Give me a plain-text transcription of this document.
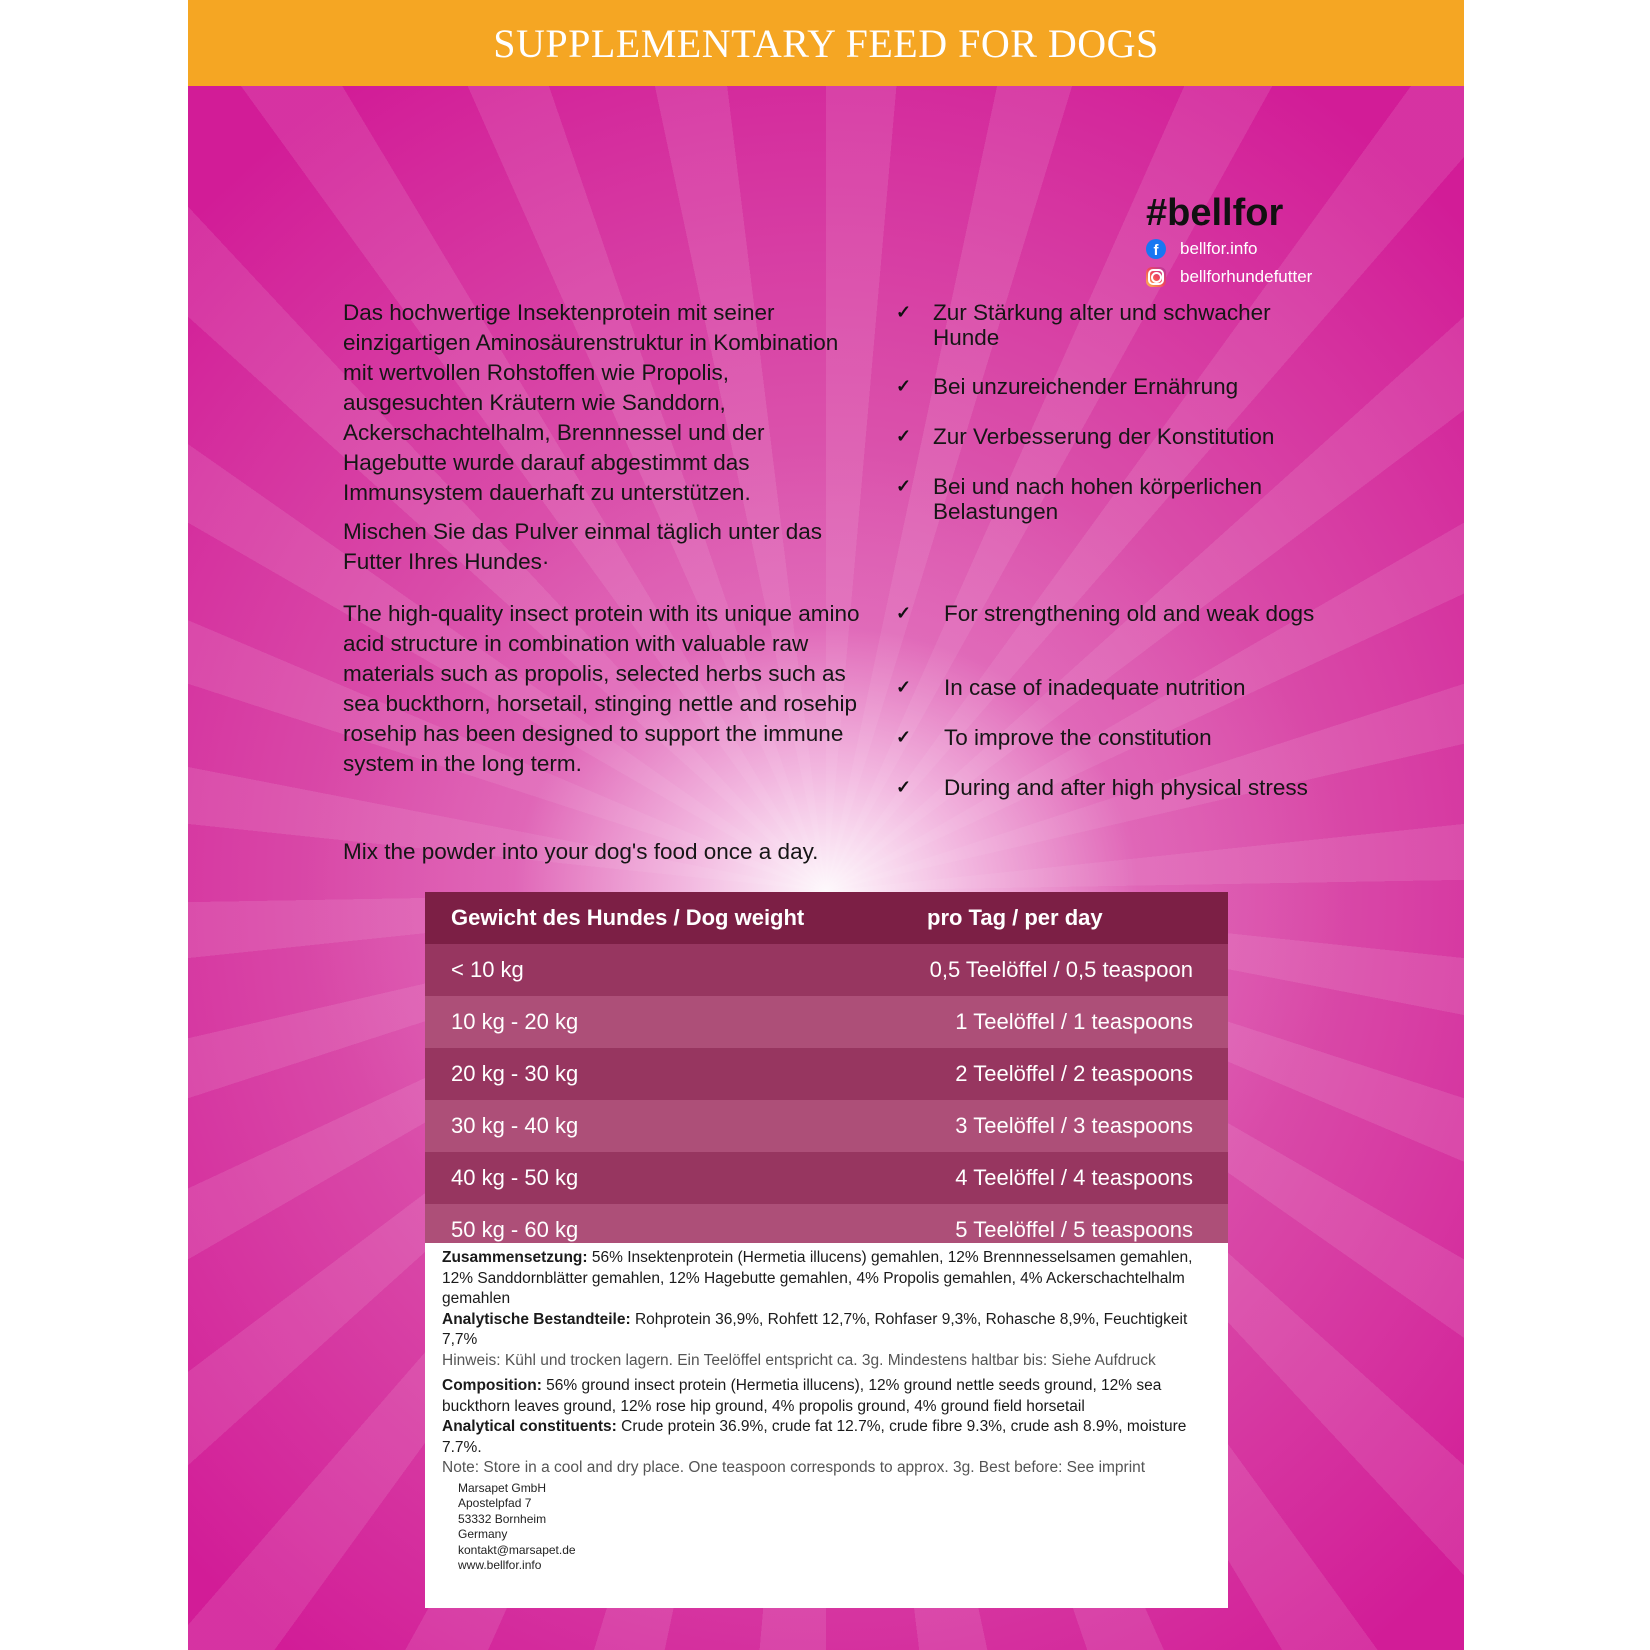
SUPPLEMENTARY FEED FOR DOGS
#bellfor
f	bellfor.info
bellforhundefutter
Das hochwertige Insektenprotein mit seiner einzigartigen Aminosäurenstruktur in Kombination mit wertvollen Rohstoffen wie Propolis, ausgesuchten Kräutern wie Sanddorn, Ackerschachtelhalm, Brennnessel und der Hagebutte wurde darauf abgestimmt das Immunsystem dauerhaft zu unterstützen.
Mischen Sie das Pulver einmal täglich unter das Futter Ihres Hundes·
The high-quality insect protein with its unique amino acid structure in combination with valuable raw materials such as propolis, selected herbs such as sea buckthorn, horsetail, stinging nettle and rosehip rosehip has been designed to support the immune system in the long term.
Mix the powder into your dog's food once a day.
✓ Zur Stärkung alter und schwacher Hunde
✓ Bei unzureichender Ernährung
✓ Zur Verbesserung der Konstitution
✓ Bei und nach hohen körperlichen Belastungen
✓ For strengthening old and weak dogs
✓ In case of inadequate nutrition
✓ To improve the constitution
✓ During and after high physical stress
Gewicht des Hundes / Dog weight	pro Tag / per day
< 10 kg	0,5 Teelöffel / 0,5 teaspoon
10 kg - 20 kg	1 Teelöffel / 1 teaspoons
20 kg - 30 kg	2 Teelöffel / 2 teaspoons
30 kg - 40 kg	3 Teelöffel / 3 teaspoons
40 kg - 50 kg	4 Teelöffel / 4 teaspoons
50 kg - 60 kg	5 Teelöffel / 5 teaspoons

Zusammensetzung: 56% Insektenprotein (Hermetia illucens) gemahlen, 12% Brennnesselsamen gemahlen, 12% Sanddornblätter gemahlen, 12% Hagebutte gemahlen, 4% Propolis gemahlen, 4% Ackerschachtelhalm gemahlen

Analytische Bestandteile: Rohprotein 36,9%, Rohfett 12,7%, Rohfaser 9,3%, Rohasche 8,9%, Feuchtigkeit 7,7%

Hinweis: Kühl und trocken lagern. Ein Teelöffel entspricht ca. 3g. Mindestens haltbar bis: Siehe Aufdruck

Composition: 56% ground insect protein (Hermetia illucens), 12% ground nettle seeds ground, 12% sea buckthorn leaves ground, 12% rose hip ground, 4% propolis ground, 4% ground field horsetail

Analytical constituents: Crude protein 36.9%, crude fat 12.7%, crude fibre 9.3%, crude ash 8.9%, moisture 7.7%.

Note: Store in a cool and dry place. One teaspoon corresponds to approx. 3g. Best before: See imprint

Marsapet GmbH
Apostelpfad 7
53332 Bornheim
Germany
kontakt@marsapet.de
www.bellfor.info
